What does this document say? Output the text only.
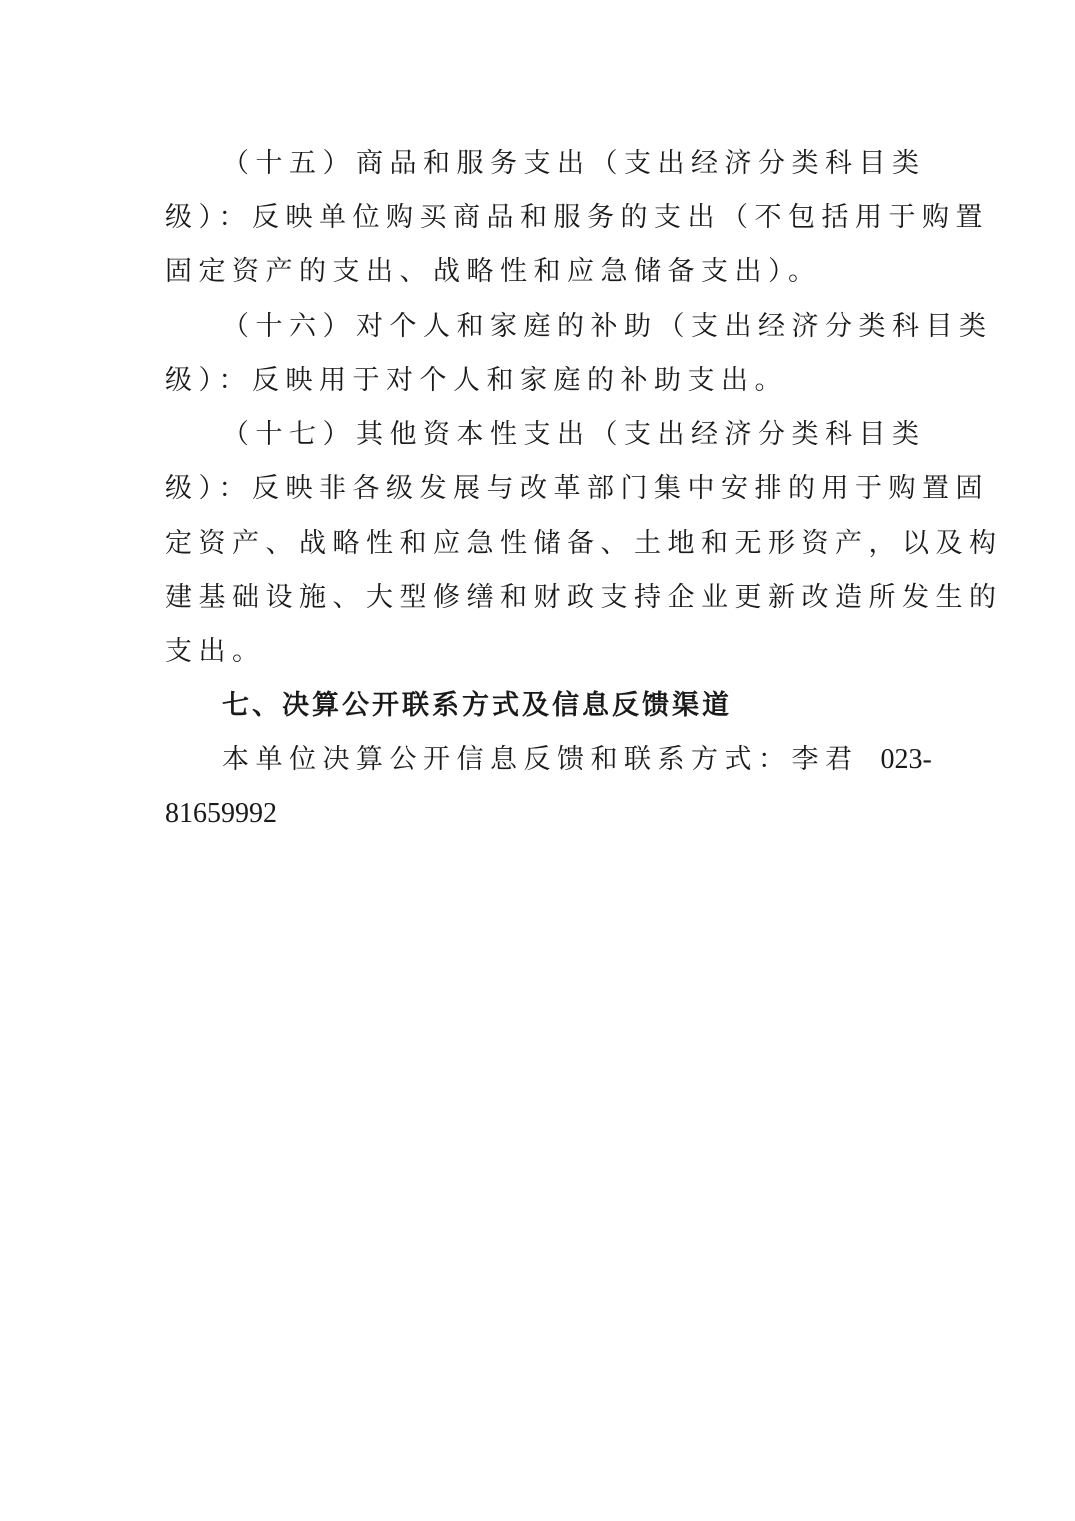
（十五）商品和服务支出（支出经济分类科目类
级）：反映单位购买商品和服务的支出（不包括用于购置
固定资产的支出、战略性和应急储备支出）。
（十六）对个人和家庭的补助（支出经济分类科目类
级）：反映用于对个人和家庭的补助支出。
（十七）其他资本性支出（支出经济分类科目类
级）：反映非各级发展与改革部门集中安排的用于购置固
定资产、战略性和应急性储备、土地和无形资产，以及构
建基础设施、大型修缮和财政支持企业更新改造所发生的
支出。
七、决算公开联系方式及信息反馈渠道
本单位决算公开信息反馈和联系方式：李君 023-
81659992
